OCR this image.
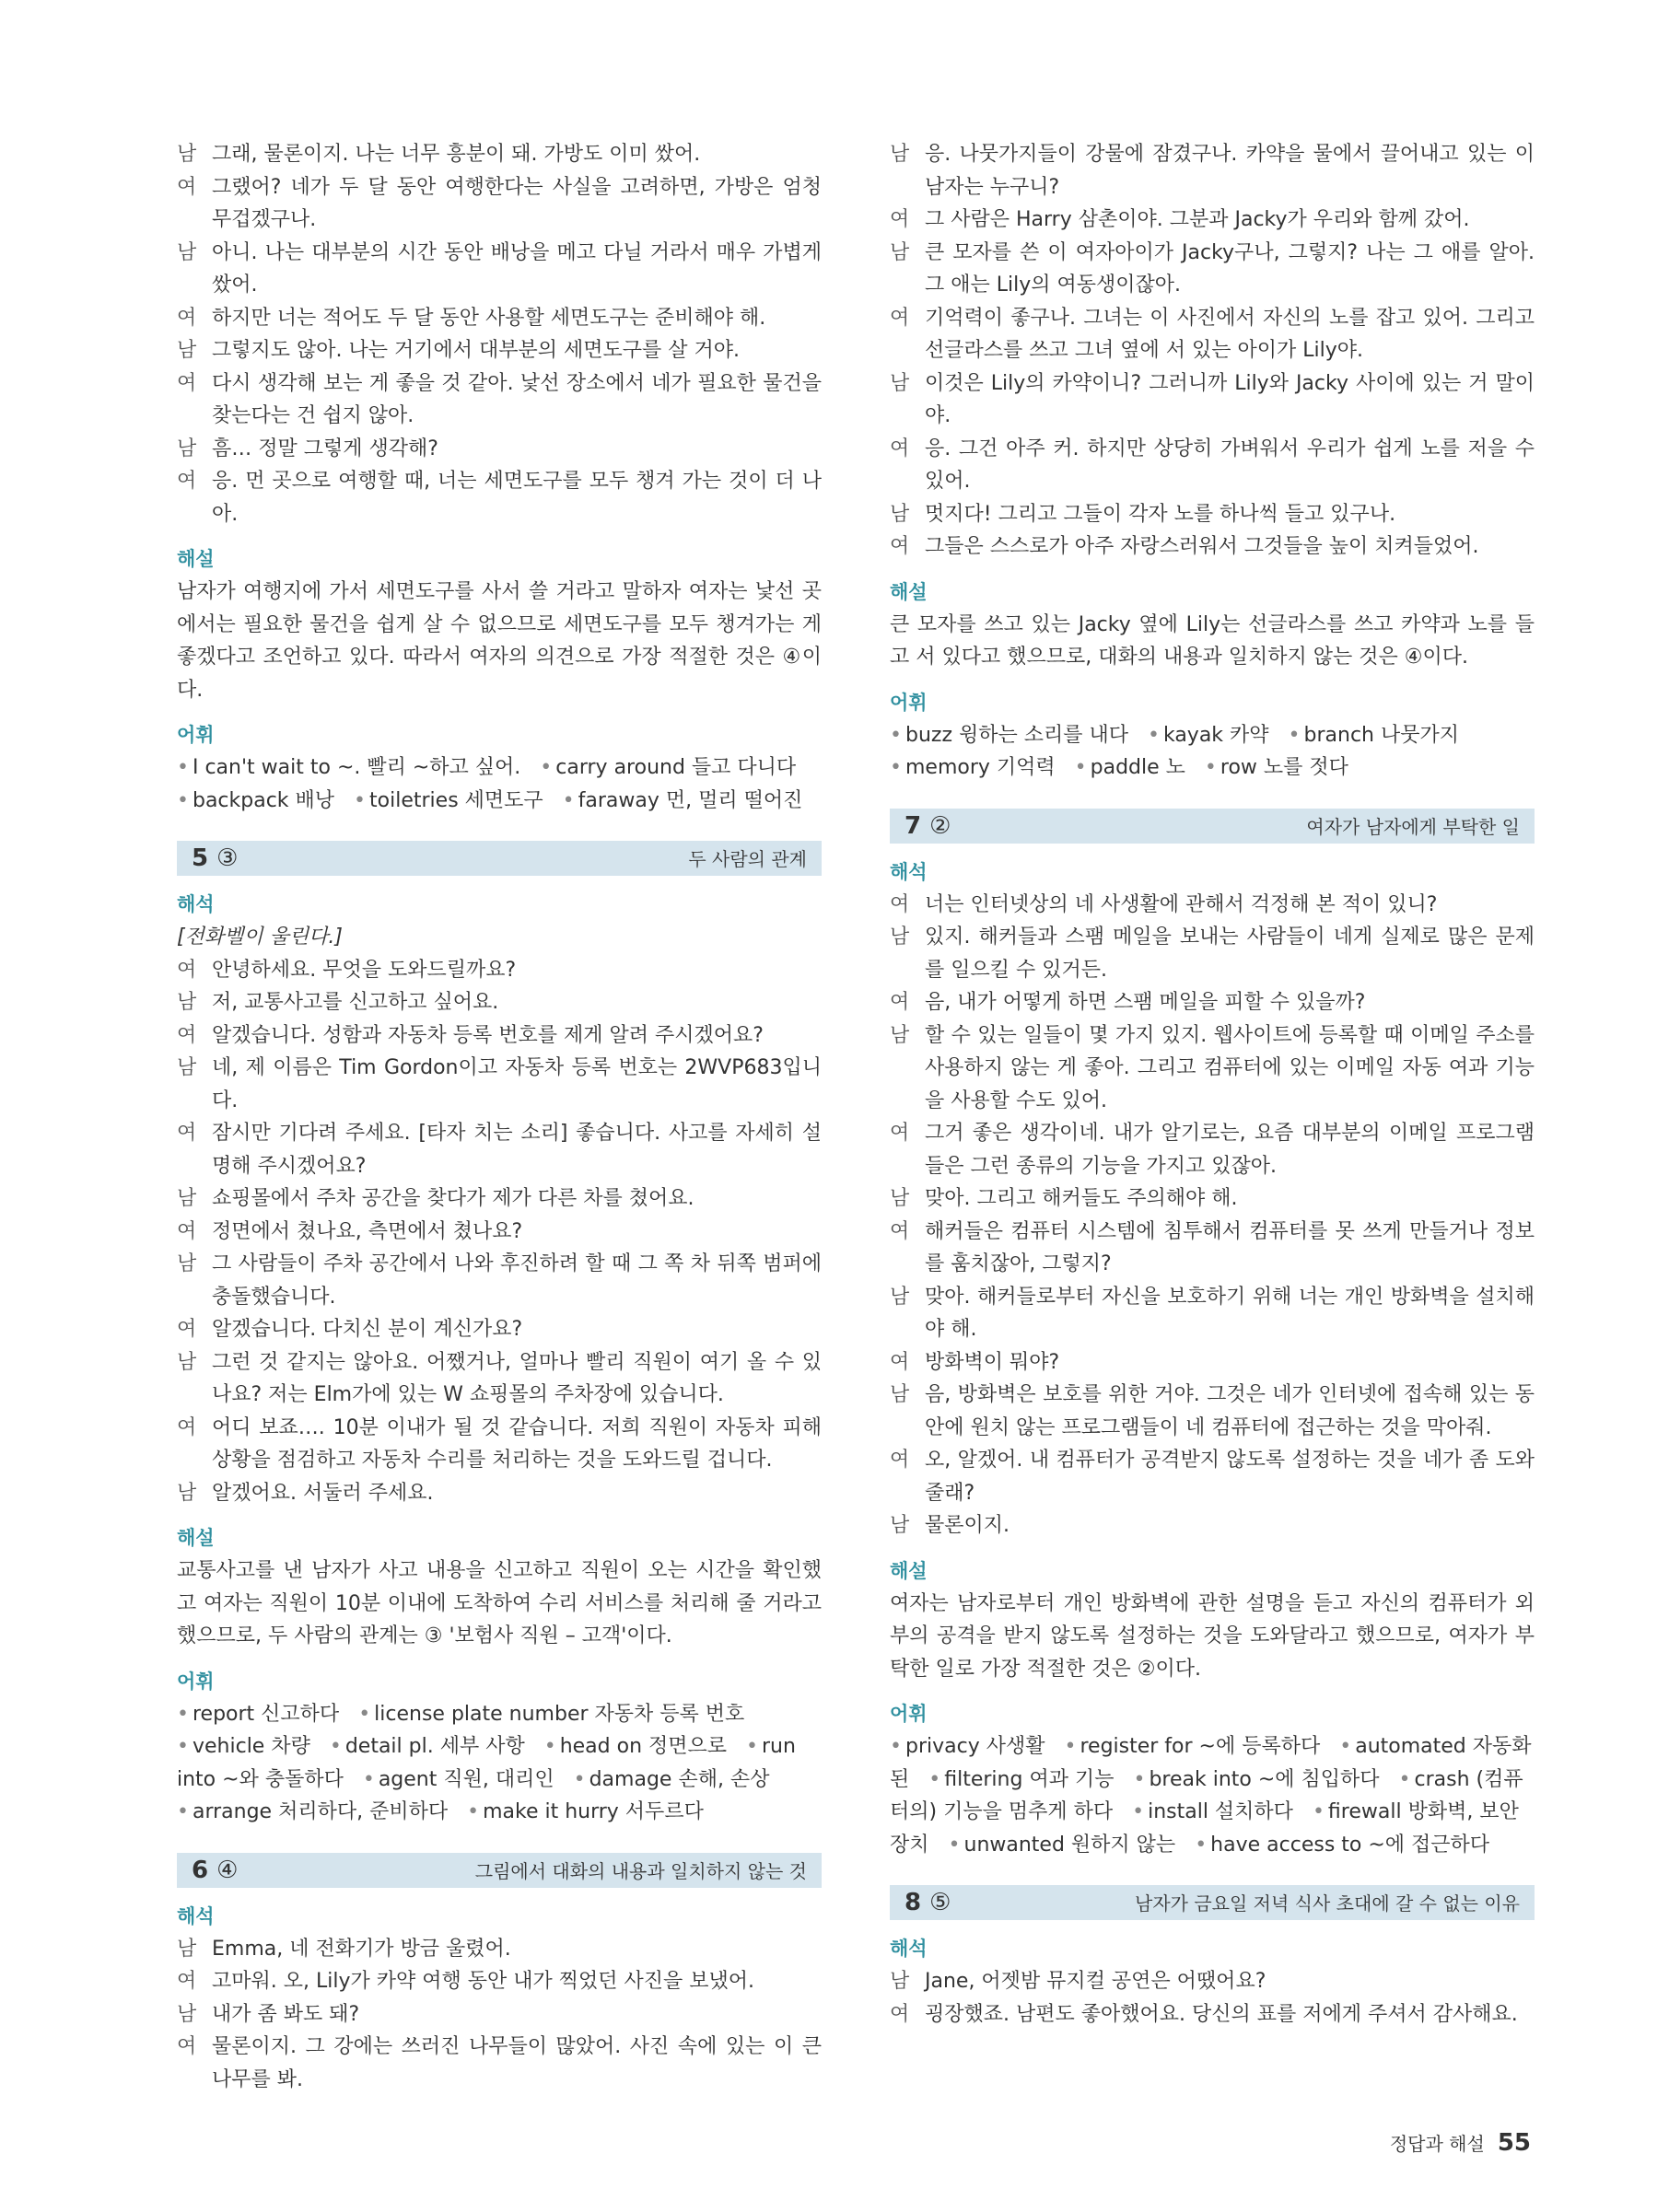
남 그래, 물론이지. 나는 너무 흥분이 돼. 가방도 이미 쌌어.
여 그랬어? 네가 두 달 동안 여행한다는 사실을 고려하면, 가방은 엄청 무겁겠구나.
남 아니. 나는 대부분의 시간 동안 배낭을 메고 다닐 거라서 매우 가볍게 쌌어.
여 하지만 너는 적어도 두 달 동안 사용할 세면도구는 준비해야 해.
남 그렇지도 않아. 나는 거기에서 대부분의 세면도구를 살 거야.
여 다시 생각해 보는 게 좋을 것 같아. 낯선 장소에서 네가 필요한 물건을 찾는다는 건 쉽지 않아.
남 흠… 정말 그렇게 생각해?
여 응. 먼 곳으로 여행할 때, 너는 세면도구를 모두 챙겨 가는 것이 더 나아.
해설

남자가 여행지에 가서 세면도구를 사서 쓸 거라고 말하자 여자는 낯선 곳에서는 필요한 물건을 쉽게 살 수 없으므로 세면도구를 모두 챙겨가는 게 좋겠다고 조언하고 있다. 따라서 여자의 의견으로 가장 적절한 것은 ④이다.

어휘
• I can't wait to ~. 빨리 ~하고 싶어. • carry around 들고 다니다 • backpack 배낭 • toiletries 세면도구 • faraway 먼, 멀리 떨어진
5 ③	두 사람의 관계
해석
[전화벨이 울린다.]
여 안녕하세요. 무엇을 도와드릴까요?
남 저, 교통사고를 신고하고 싶어요.
여 알겠습니다. 성함과 자동차 등록 번호를 제게 알려 주시겠어요?
남 네, 제 이름은 Tim Gordon이고 자동차 등록 번호는 2WVP683입니다.
여 잠시만 기다려 주세요. [타자 치는 소리] 좋습니다. 사고를 자세히 설명해 주시겠어요?
남 쇼핑몰에서 주차 공간을 찾다가 제가 다른 차를 쳤어요.
여 정면에서 쳤나요, 측면에서 쳤나요?
남 그 사람들이 주차 공간에서 나와 후진하려 할 때 그 쪽 차 뒤쪽 범퍼에 충돌했습니다.
여 알겠습니다. 다치신 분이 계신가요?
남 그런 것 같지는 않아요. 어쨌거나, 얼마나 빨리 직원이 여기 올 수 있나요? 저는 Elm가에 있는 W 쇼핑몰의 주차장에 있습니다.
여 어디 보죠…. 10분 이내가 될 것 같습니다. 저희 직원이 자동차 피해 상황을 점검하고 자동차 수리를 처리하는 것을 도와드릴 겁니다.
남 알겠어요. 서둘러 주세요.
해설

교통사고를 낸 남자가 사고 내용을 신고하고 직원이 오는 시간을 확인했고 여자는 직원이 10분 이내에 도착하여 수리 서비스를 처리해 줄 거라고 했으므로, 두 사람의 관계는 ③ '보험사 직원 – 고객'이다.

어휘
• report 신고하다 • license plate number 자동차 등록 번호 • vehicle 차량 • detail pl. 세부 사항 • head on 정면으로 • run into ~와 충돌하다 • agent 직원, 대리인 • damage 손해, 손상 • arrange 처리하다, 준비하다 • make it hurry 서두르다
6 ④	그림에서 대화의 내용과 일치하지 않는 것
해석
남 Emma, 네 전화기가 방금 울렸어.
여 고마워. 오, Lily가 카약 여행 동안 내가 찍었던 사진을 보냈어.
남 내가 좀 봐도 돼?
여 물론이지. 그 강에는 쓰러진 나무들이 많았어. 사진 속에 있는 이 큰 나무를 봐.
남 응. 나뭇가지들이 강물에 잠겼구나. 카약을 물에서 끌어내고 있는 이 남자는 누구니?
여 그 사람은 Harry 삼촌이야. 그분과 Jacky가 우리와 함께 갔어.
남 큰 모자를 쓴 이 여자아이가 Jacky구나, 그렇지? 나는 그 애를 알아. 그 애는 Lily의 여동생이잖아.
여 기억력이 좋구나. 그녀는 이 사진에서 자신의 노를 잡고 있어. 그리고 선글라스를 쓰고 그녀 옆에 서 있는 아이가 Lily야.
남 이것은 Lily의 카약이니? 그러니까 Lily와 Jacky 사이에 있는 거 말이야.
여 응. 그건 아주 커. 하지만 상당히 가벼워서 우리가 쉽게 노를 저을 수 있어.
남 멋지다! 그리고 그들이 각자 노를 하나씩 들고 있구나.
여 그들은 스스로가 아주 자랑스러워서 그것들을 높이 치켜들었어.
해설

큰 모자를 쓰고 있는 Jacky 옆에 Lily는 선글라스를 쓰고 카약과 노를 들고 서 있다고 했으므로, 대화의 내용과 일치하지 않는 것은 ④이다.

어휘
• buzz 윙하는 소리를 내다 • kayak 카약 • branch 나뭇가지 • memory 기억력 • paddle 노 • row 노를 젓다
7 ②	여자가 남자에게 부탁한 일
해석
여 너는 인터넷상의 네 사생활에 관해서 걱정해 본 적이 있니?
남 있지. 해커들과 스팸 메일을 보내는 사람들이 네게 실제로 많은 문제를 일으킬 수 있거든.
여 음, 내가 어떻게 하면 스팸 메일을 피할 수 있을까?
남 할 수 있는 일들이 몇 가지 있지. 웹사이트에 등록할 때 이메일 주소를 사용하지 않는 게 좋아. 그리고 컴퓨터에 있는 이메일 자동 여과 기능을 사용할 수도 있어.
여 그거 좋은 생각이네. 내가 알기로는, 요즘 대부분의 이메일 프로그램들은 그런 종류의 기능을 가지고 있잖아.
남 맞아. 그리고 해커들도 주의해야 해.
여 해커들은 컴퓨터 시스템에 침투해서 컴퓨터를 못 쓰게 만들거나 정보를 훔치잖아, 그렇지?
남 맞아. 해커들로부터 자신을 보호하기 위해 너는 개인 방화벽을 설치해야 해.
여 방화벽이 뭐야?
남 음, 방화벽은 보호를 위한 거야. 그것은 네가 인터넷에 접속해 있는 동안에 원치 않는 프로그램들이 네 컴퓨터에 접근하는 것을 막아줘.
여 오, 알겠어. 내 컴퓨터가 공격받지 않도록 설정하는 것을 네가 좀 도와줄래?
남 물론이지.
해설

여자는 남자로부터 개인 방화벽에 관한 설명을 듣고 자신의 컴퓨터가 외부의 공격을 받지 않도록 설정하는 것을 도와달라고 했으므로, 여자가 부탁한 일로 가장 적절한 것은 ②이다.

어휘
• privacy 사생활 • register for ~에 등록하다 • automated 자동화된 • filtering 여과 기능 • break into ~에 침입하다 • crash (컴퓨터의) 기능을 멈추게 하다 • install 설치하다 • firewall 방화벽, 보안 장치 • unwanted 원하지 않는 • have access to ~에 접근하다
8 ⑤	남자가 금요일 저녁 식사 초대에 갈 수 없는 이유
해석
남 Jane, 어젯밤 뮤지컬 공연은 어땠어요?
여 굉장했죠. 남편도 좋아했어요. 당신의 표를 저에게 주셔서 감사해요.
정답과 해설 55
